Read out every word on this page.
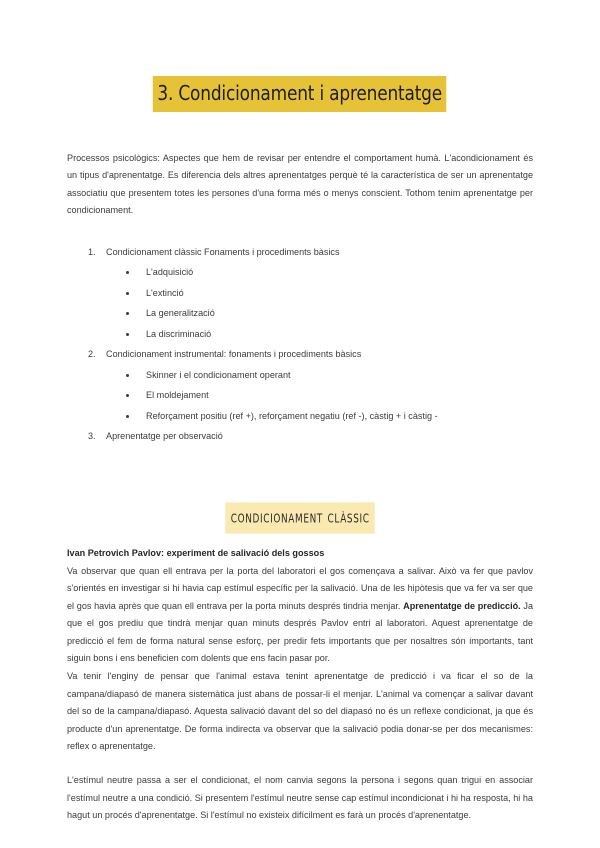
3. Condicionament i aprenentatge

Processos psicològics: Aspectes que hem de revisar per entendre el comportament humà. L'acondicionament és un tipus d'aprenentatge. Es diferencia dels altres aprenentatges perquè té la característica de ser un aprenentatge associatiu que presentem totes les persones d'una forma més o menys conscient. Tothom tenim aprenentatge per condicionament.

1.	Condicionament clàssic Fonaments i procediments bàsics
L'adquisició
L'extinció
La generalització
La discriminació
2.	Condicionament instrumental: fonaments i procediments bàsics
Skinner i el condicionament operant
El moldejament
Reforçament positiu (ref +), reforçament negatiu (ref -), càstig + i càstig -
3.	Aprenentatge per observació
condicionament clàssic

Ivan Petrovich Pavlov: experiment de salivació dels gossos

Va observar que quan ell entrava per la porta del laboratori el gos començava a salivar. Això va fer que pavlov s'orientés en investigar si hi havia cap estímul específic per la salivació. Una de les hipòtesis que va fer va ser que el gos havia après que quan ell entrava per la porta minuts després tindria menjar. Aprenentatge de predicció. Ja que el gos prediu que tindrà menjar quan minuts després Pavlov entri al laboratori. Aquest aprenentatge de predicció el fem de forma natural sense esforç, per predir fets importants que per nosaltres són importants, tant siguin bons i ens beneficien com dolents que ens facin pasar por.

Va tenir l'enginy de pensar que l'animal estava tenint aprenentatge de predicció i va ficar el so de la campana/diapasó de manera sistemàtica just abans de possar-li el menjar. L'animal va començar a salivar davant del so de la campana/diapasó. Aquesta salivació davant del so del diapasó no és un reflexe condicionat, ja que és producte d'un aprenentatge. De forma indirecta va observar que la salivació podia donar-se per dos mecanismes: reflex o aprenentatge.

L'estímul neutre passa a ser el condicionat, el nom canvia segons la persona i segons quan trigui en associar l'estímul neutre a una condició. Si presentem l'estímul neutre sense cap estímul incondicionat i hi ha resposta, hi ha hagut un procés d'aprenentatge. Si l'estímul no existeix difícilment es farà un procés d'aprenentatge.
